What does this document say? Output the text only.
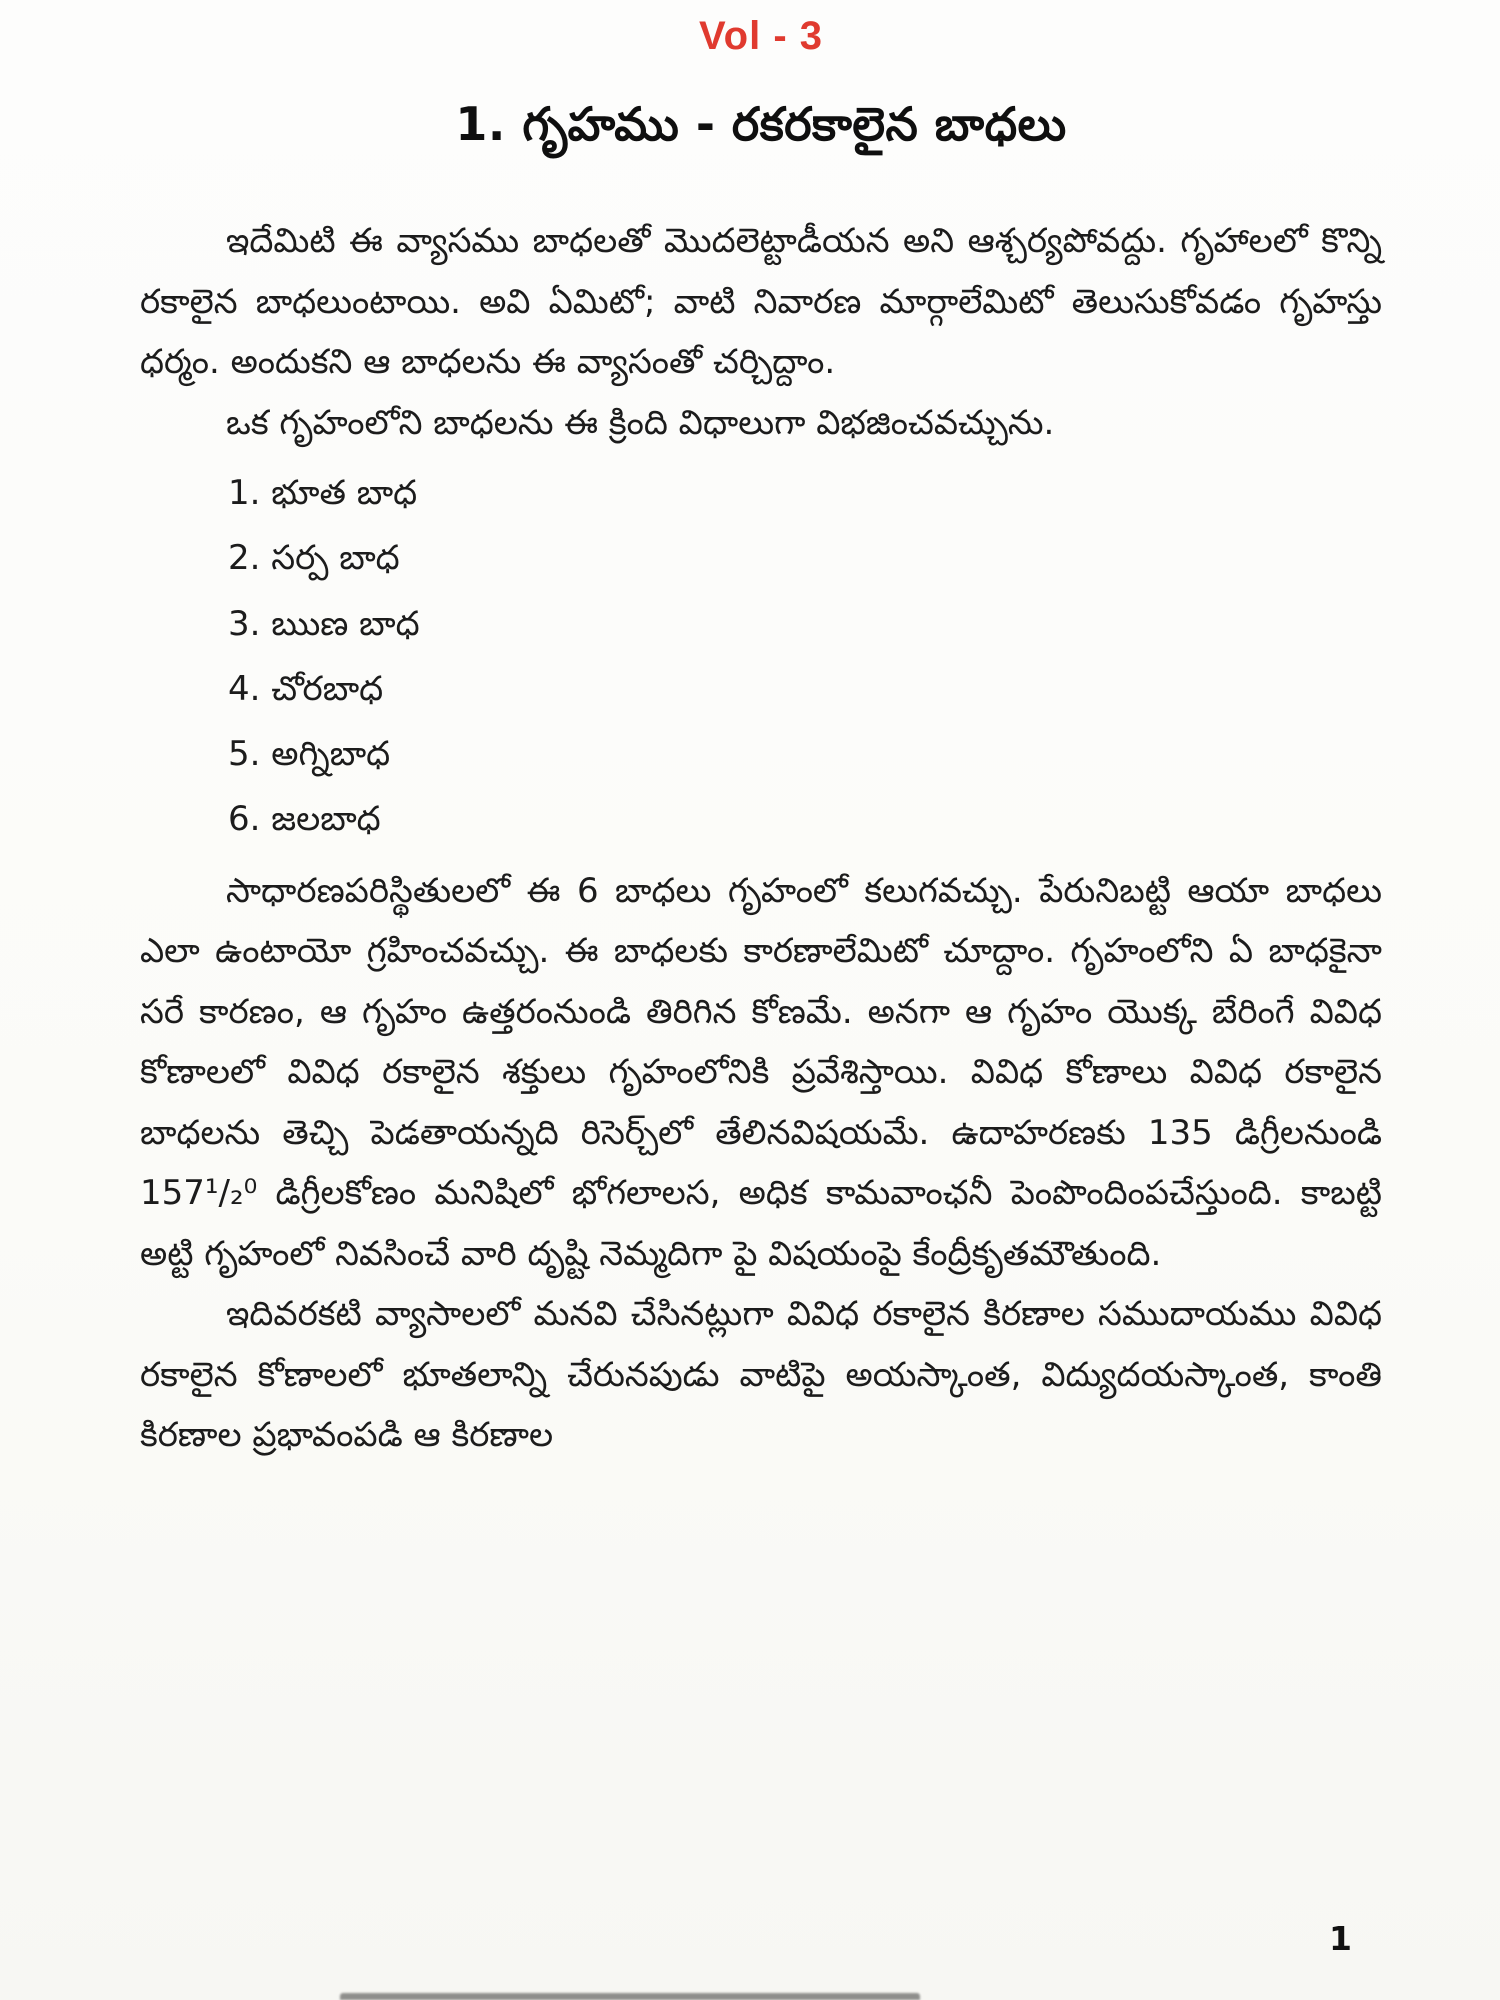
Vol - 3
1. గృహము - రకరకాలైన బాధలు

ఇదేమిటి ఈ వ్యాసము బాధలతో మొదలెట్టాడీయన అని ఆశ్చర్యపోవద్దు. గృహాలలో కొన్ని రకాలైన బాధలుంటాయి. అవి ఏమిటో; వాటి నివారణ మార్గాలేమిటో తెలుసుకోవడం గృహస్తు ధర్మం. అందుకని ఆ బాధలను ఈ వ్యాసంతో చర్చిద్దాం.

ఒక గృహంలోని బాధలను ఈ క్రింది విధాలుగా విభజించవచ్చును.

1. భూత బాధ
2. సర్ప బాధ
3. ఋణ బాధ
4. చోరబాధ
5. అగ్నిబాధ
6. జలబాధ

సాధారణపరిస్థితులలో ఈ 6 బాధలు గృహంలో కలుగవచ్చు. పేరునిబట్టి ఆయా బాధలు ఎలా ఉంటాయో గ్రహించవచ్చు. ఈ బాధలకు కారణాలేమిటో చూద్దాం. గృహంలోని ఏ బాధకైనా సరే కారణం, ఆ గృహం ఉత్తరంనుండి తిరిగిన కోణమే. అనగా ఆ గృహం యొక్క బేరింగే వివిధ కోణాలలో వివిధ రకాలైన శక్తులు గృహంలోనికి ప్రవేశిస్తాయి. వివిధ కోణాలు వివిధ రకాలైన బాధలను తెచ్చి పెడతాయన్నది రిసెర్చ్‌లో తేలినవిషయమే. ఉదాహరణకు 135 డిగ్రీలనుండి 157¹/₂⁰ డిగ్రీలకోణం మనిషిలో భోగలాలస, అధిక కామవాంఛనీ పెంపొందింపచేస్తుంది. కాబట్టి అట్టి గృహంలో నివసించే వారి దృష్టి నెమ్మదిగా పై విషయంపై కేంద్రీకృతమౌతుంది.

ఇదివరకటి వ్యాసాలలో మనవి చేసినట్లుగా వివిధ రకాలైన కిరణాల సముదాయము వివిధ రకాలైన కోణాలలో భూతలాన్ని చేరునపుడు వాటిపై అయస్కాంత, విద్యుదయస్కాంత, కాంతి కిరణాల ప్రభావంపడి ఆ కిరణాల

1
